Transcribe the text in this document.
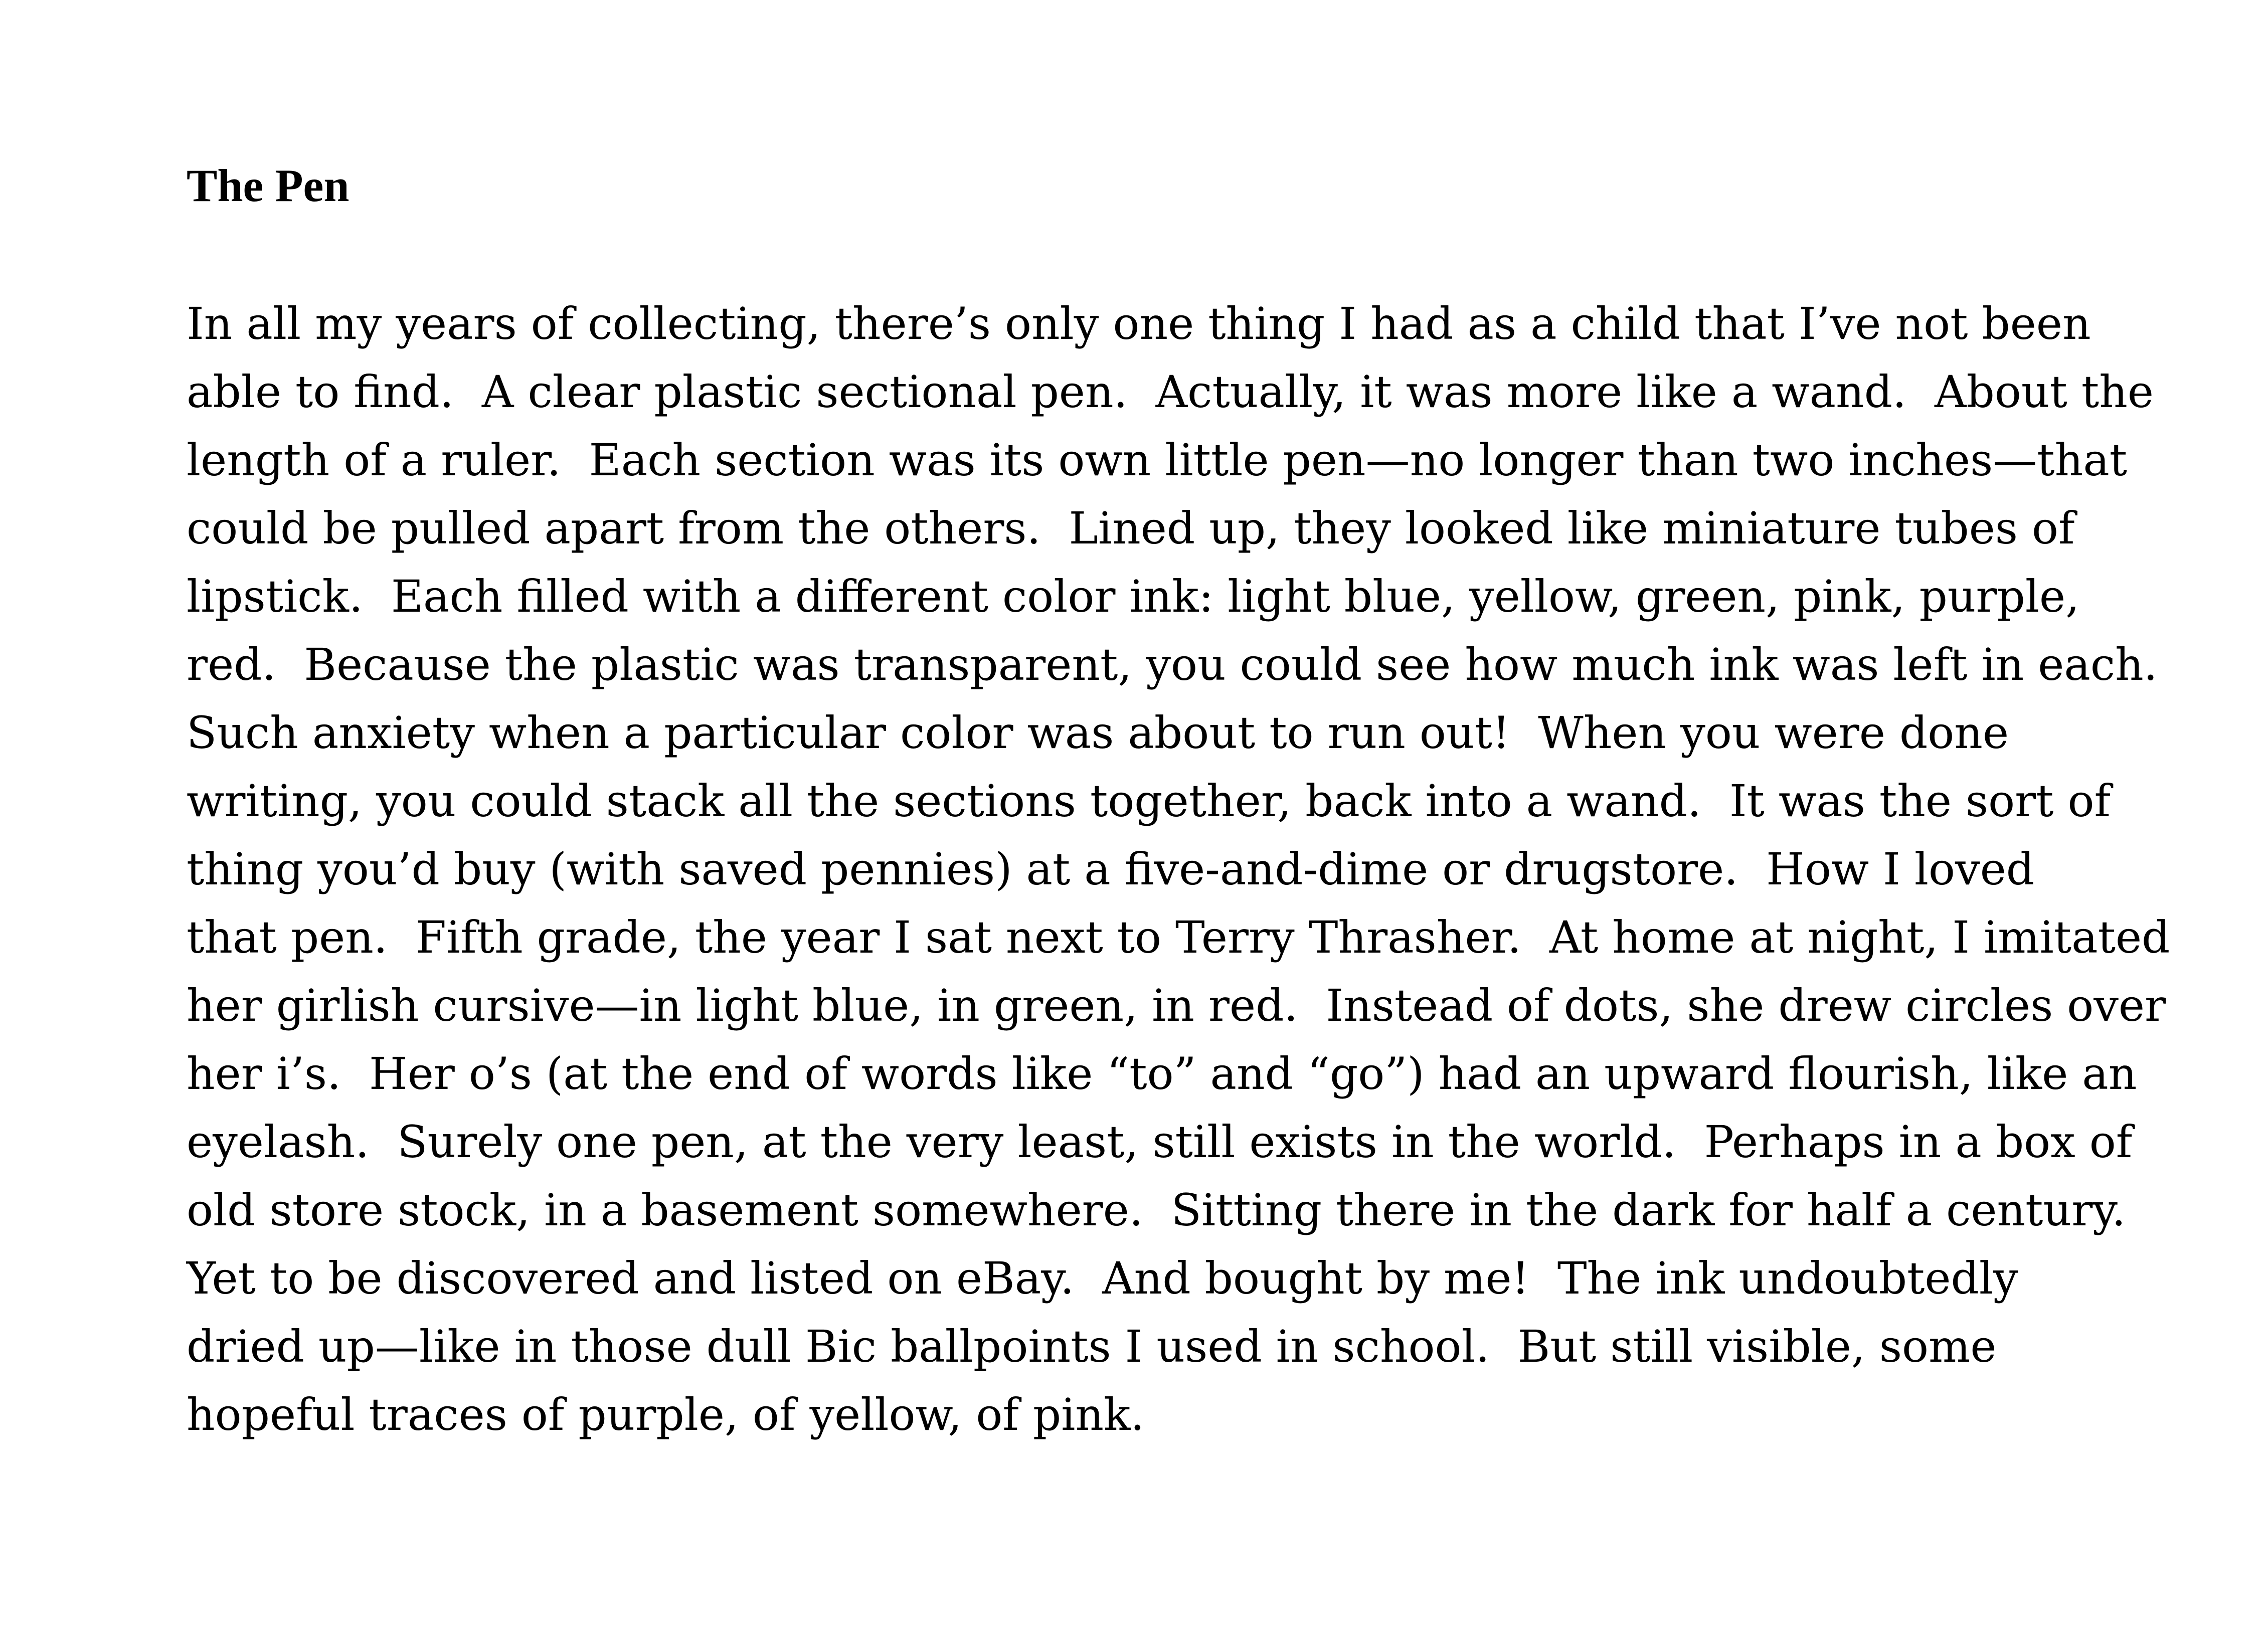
The Pen
In all my years of collecting, there’s only one thing I had as a child that I’ve not been
able to find.  A clear plastic sectional pen.  Actually, it was more like a wand.  About the
length of a ruler.  Each section was its own little pen—no longer than two inches—that
could be pulled apart from the others.  Lined up, they looked like miniature tubes of
lipstick.  Each filled with a different color ink: light blue, yellow, green, pink, purple,
red.  Because the plastic was transparent, you could see how much ink was left in each.
Such anxiety when a particular color was about to run out!  When you were done
writing, you could stack all the sections together, back into a wand.  It was the sort of
thing you’d buy (with saved pennies) at a five-and-dime or drugstore.  How I loved
that pen.  Fifth grade, the year I sat next to Terry Thrasher.  At home at night, I imitated
her girlish cursive—in light blue, in green, in red.  Instead of dots, she drew circles over
her i’s.  Her o’s (at the end of words like “to” and “go”) had an upward flourish, like an
eyelash.  Surely one pen, at the very least, still exists in the world.  Perhaps in a box of
old store stock, in a basement somewhere.  Sitting there in the dark for half a century.
Yet to be discovered and listed on eBay.  And bought by me!  The ink undoubtedly
dried up—like in those dull Bic ballpoints I used in school.  But still visible, some
hopeful traces of purple, of yellow, of pink.
